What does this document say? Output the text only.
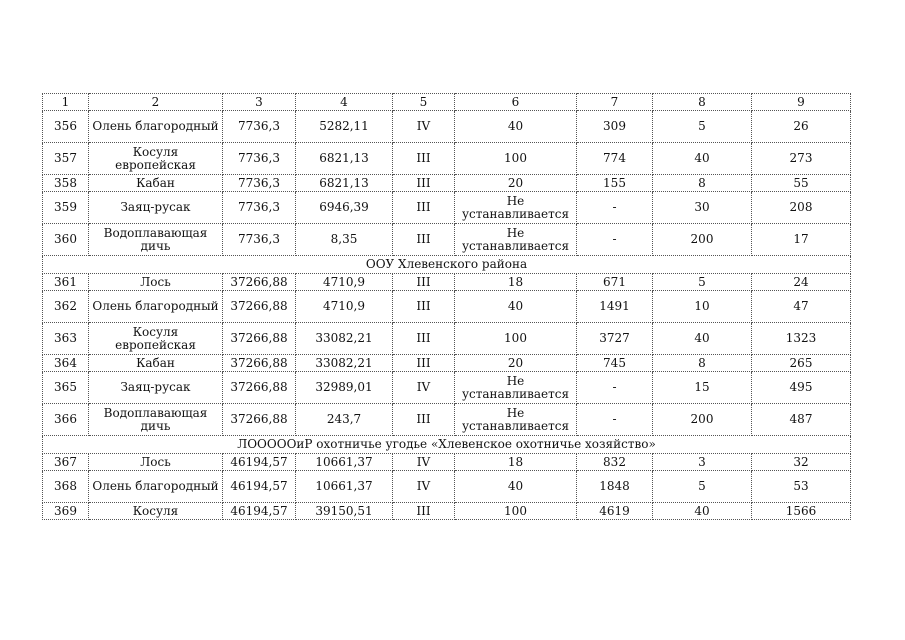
1	2	3	4	5	6	7	8	9
356	Олень благородный	7736,3	5282,11	IV	40	309	5	26
357	Косуля европейская	7736,3	6821,13	III	100	774	40	273
358	Кабан	7736,3	6821,13	III	20	155	8	55
359	Заяц-русак	7736,3	6946,39	III	Не устанавливается	-	30	208
360	Водоплавающая дичь	7736,3	8,35	III	Не устанавливается	-	200	17
ООУ Хлевенского района								
361	Лось	37266,88	4710,9	III	18	671	5	24
362	Олень благородный	37266,88	4710,9	III	40	1491	10	47
363	Косуля европейская	37266,88	33082,21	III	100	3727	40	1323
364	Кабан	37266,88	33082,21	III	20	745	8	265
365	Заяц-русак	37266,88	32989,01	IV	Не устанавливается	-	15	495
366	Водоплавающая дичь	37266,88	243,7	III	Не устанавливается	-	200	487
ЛОООООиР охотничье угодье «Хлевенское охотничье хозяйство»								
367	Лось	46194,57	10661,37	IV	18	832	3	32
368	Олень благородный	46194,57	10661,37	IV	40	1848	5	53
369	Косуля	46194,57	39150,51	III	100	4619	40	1566
